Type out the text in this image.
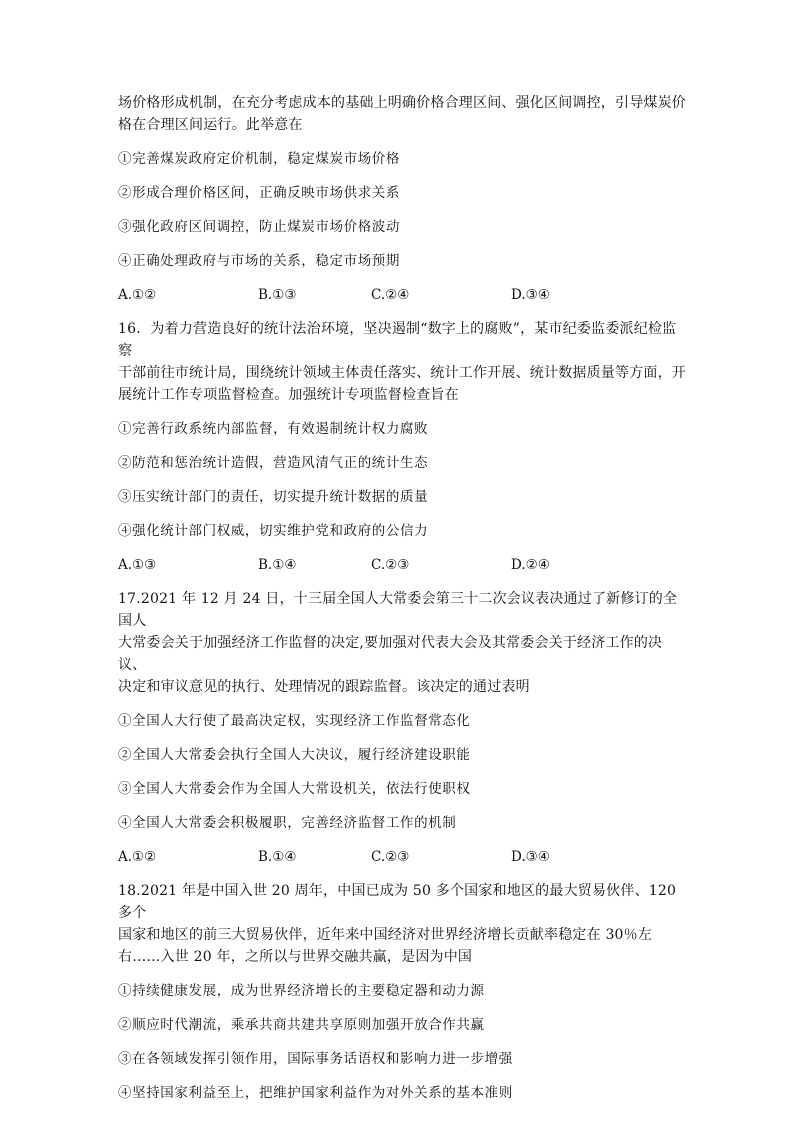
场价格形成机制，在充分考虑成本的基础上明确价格合理区间、强化区间调控，引导煤炭价

格在合理区间运行。此举意在

①完善煤炭政府定价机制，稳定煤炭市场价格

②形成合理价格区间，正确反映市场供求关系

③强化政府区间调控，防止煤炭市场价格波动

④正确处理政府与市场的关系，稳定市场预期

A.①②	B.①③	C.②④	D.③④

16．为着力营造良好的统计法治环境，坚决遏制“数字上的腐败”，某市纪委监委派纪检监察

干部前往市统计局，围绕统计领域主体责任落实、统计工作开展、统计数据质量等方面，开

展统计工作专项监督检查。加强统计专项监督检查旨在

①完善行政系统内部监督，有效遏制统计权力腐败

②防范和惩治统计造假，营造风清气正的统计生态

③压实统计部门的责任，切实提升统计数据的质量

④强化统计部门权威，切实维护党和政府的公信力

A.①③	B.①④	C.②③	D.②④

17.2021 年 12 月 24 日，十三届全国人大常委会第三十二次会议表决通过了新修订的全国人

大常委会关于加强经济工作监督的决定,要加强对代表大会及其常委会关于经济工作的决议、

决定和审议意见的执行、处理情况的跟踪监督。该决定的通过表明

①全国人大行使了最高决定权，实现经济工作监督常态化

②全国人大常委会执行全国人大决议，履行经济建设职能

③全国人大常委会作为全国人大常设机关，依法行使职权

④全国人大常委会积极履职，完善经济监督工作的机制

A.①②	B.①④	C.②③	D.③④

18.2021 年是中国入世 20 周年，中国已成为 50 多个国家和地区的最大贸易伙伴、120 多个

国家和地区的前三大贸易伙伴，近年来中国经济对世界经济增长贡献率稳定在 30％左

右……入世 20 年，之所以与世界交融共赢，是因为中国

①持续健康发展，成为世界经济增长的主要稳定器和动力源

②顺应时代潮流，乘承共商共建共享原则加强开放合作共赢

③在各领域发挥引领作用，国际事务话语权和影响力进一步增强

④坚持国家利益至上，把维护国家利益作为对外关系的基本准则
